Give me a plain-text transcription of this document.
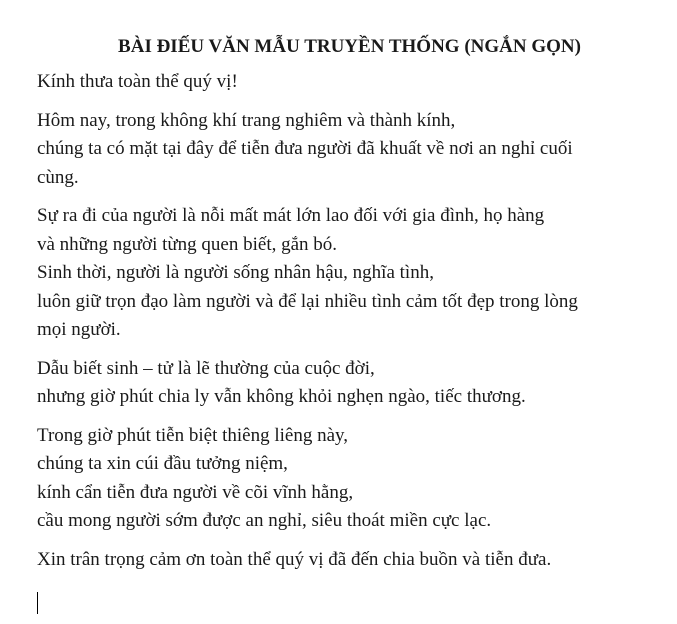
BÀI ĐIẾU VĂN MẪU TRUYỀN THỐNG (NGẮN GỌN)
Kính thưa toàn thể quý vị!
Hôm nay, trong không khí trang nghiêm và thành kính,
chúng ta có mặt tại đây để tiễn đưa người đã khuất về nơi an nghỉ cuối
cùng.
Sự ra đi của người là nỗi mất mát lớn lao đối với gia đình, họ hàng
và những người từng quen biết, gắn bó.
Sinh thời, người là người sống nhân hậu, nghĩa tình,
luôn giữ trọn đạo làm người và để lại nhiều tình cảm tốt đẹp trong lòng
mọi người.
Dẫu biết sinh – tử là lẽ thường của cuộc đời,
nhưng giờ phút chia ly vẫn không khỏi nghẹn ngào, tiếc thương.
Trong giờ phút tiễn biệt thiêng liêng này,
chúng ta xin cúi đầu tưởng niệm,
kính cẩn tiễn đưa người về cõi vĩnh hằng,
cầu mong người sớm được an nghỉ, siêu thoát miền cực lạc.
Xin trân trọng cảm ơn toàn thể quý vị đã đến chia buồn và tiễn đưa.
